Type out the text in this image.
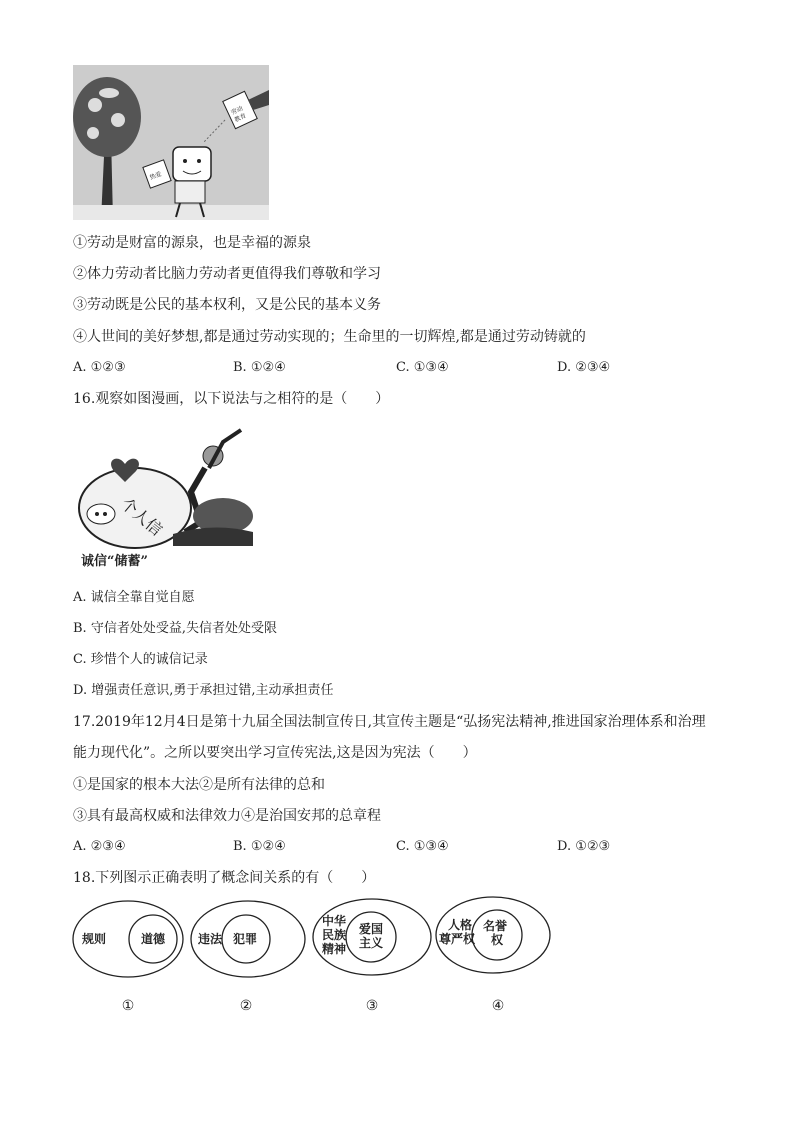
热爱
劳动
教育
①劳动是财富的源泉，也是幸福的源泉
②体力劳动者比脑力劳动者更值得我们尊敬和学习
③劳动既是公民的基本权利，又是公民的基本义务
④人世间的美好梦想,都是通过劳动实现的；生命里的一切辉煌,都是通过劳动铸就的
A. ①②③	B. ①②④	C. ①③④	D. ②③④
16.观察如图漫画，以下说法与之相符的是（　　）
个人信
诚信“储蓄”
A. 诚信全靠自觉自愿
B. 守信者处处受益,失信者处处受限
C. 珍惜个人的诚信记录
D. 增强责任意识,勇于承担过错,主动承担责任
17.2019年12月4日是第十九届全国法制宣传日,其宣传主题是“弘扬宪法精神,推进国家治理体系和治理
能力现代化”。之所以要突出学习宣传宪法,这是因为宪法（　　）
①是国家的根本大法②是所有法律的总和
③具有最高权威和法律效力④是治国安邦的总章程
A. ②③④	B. ①②④	C. ①③④	D. ①②③
18.下列图示正确表明了概念间关系的有（　　）
规则	道德	违法 犯罪
中华民族精神
爱国主义
人格尊严权
名誉权
①	②	③	④
